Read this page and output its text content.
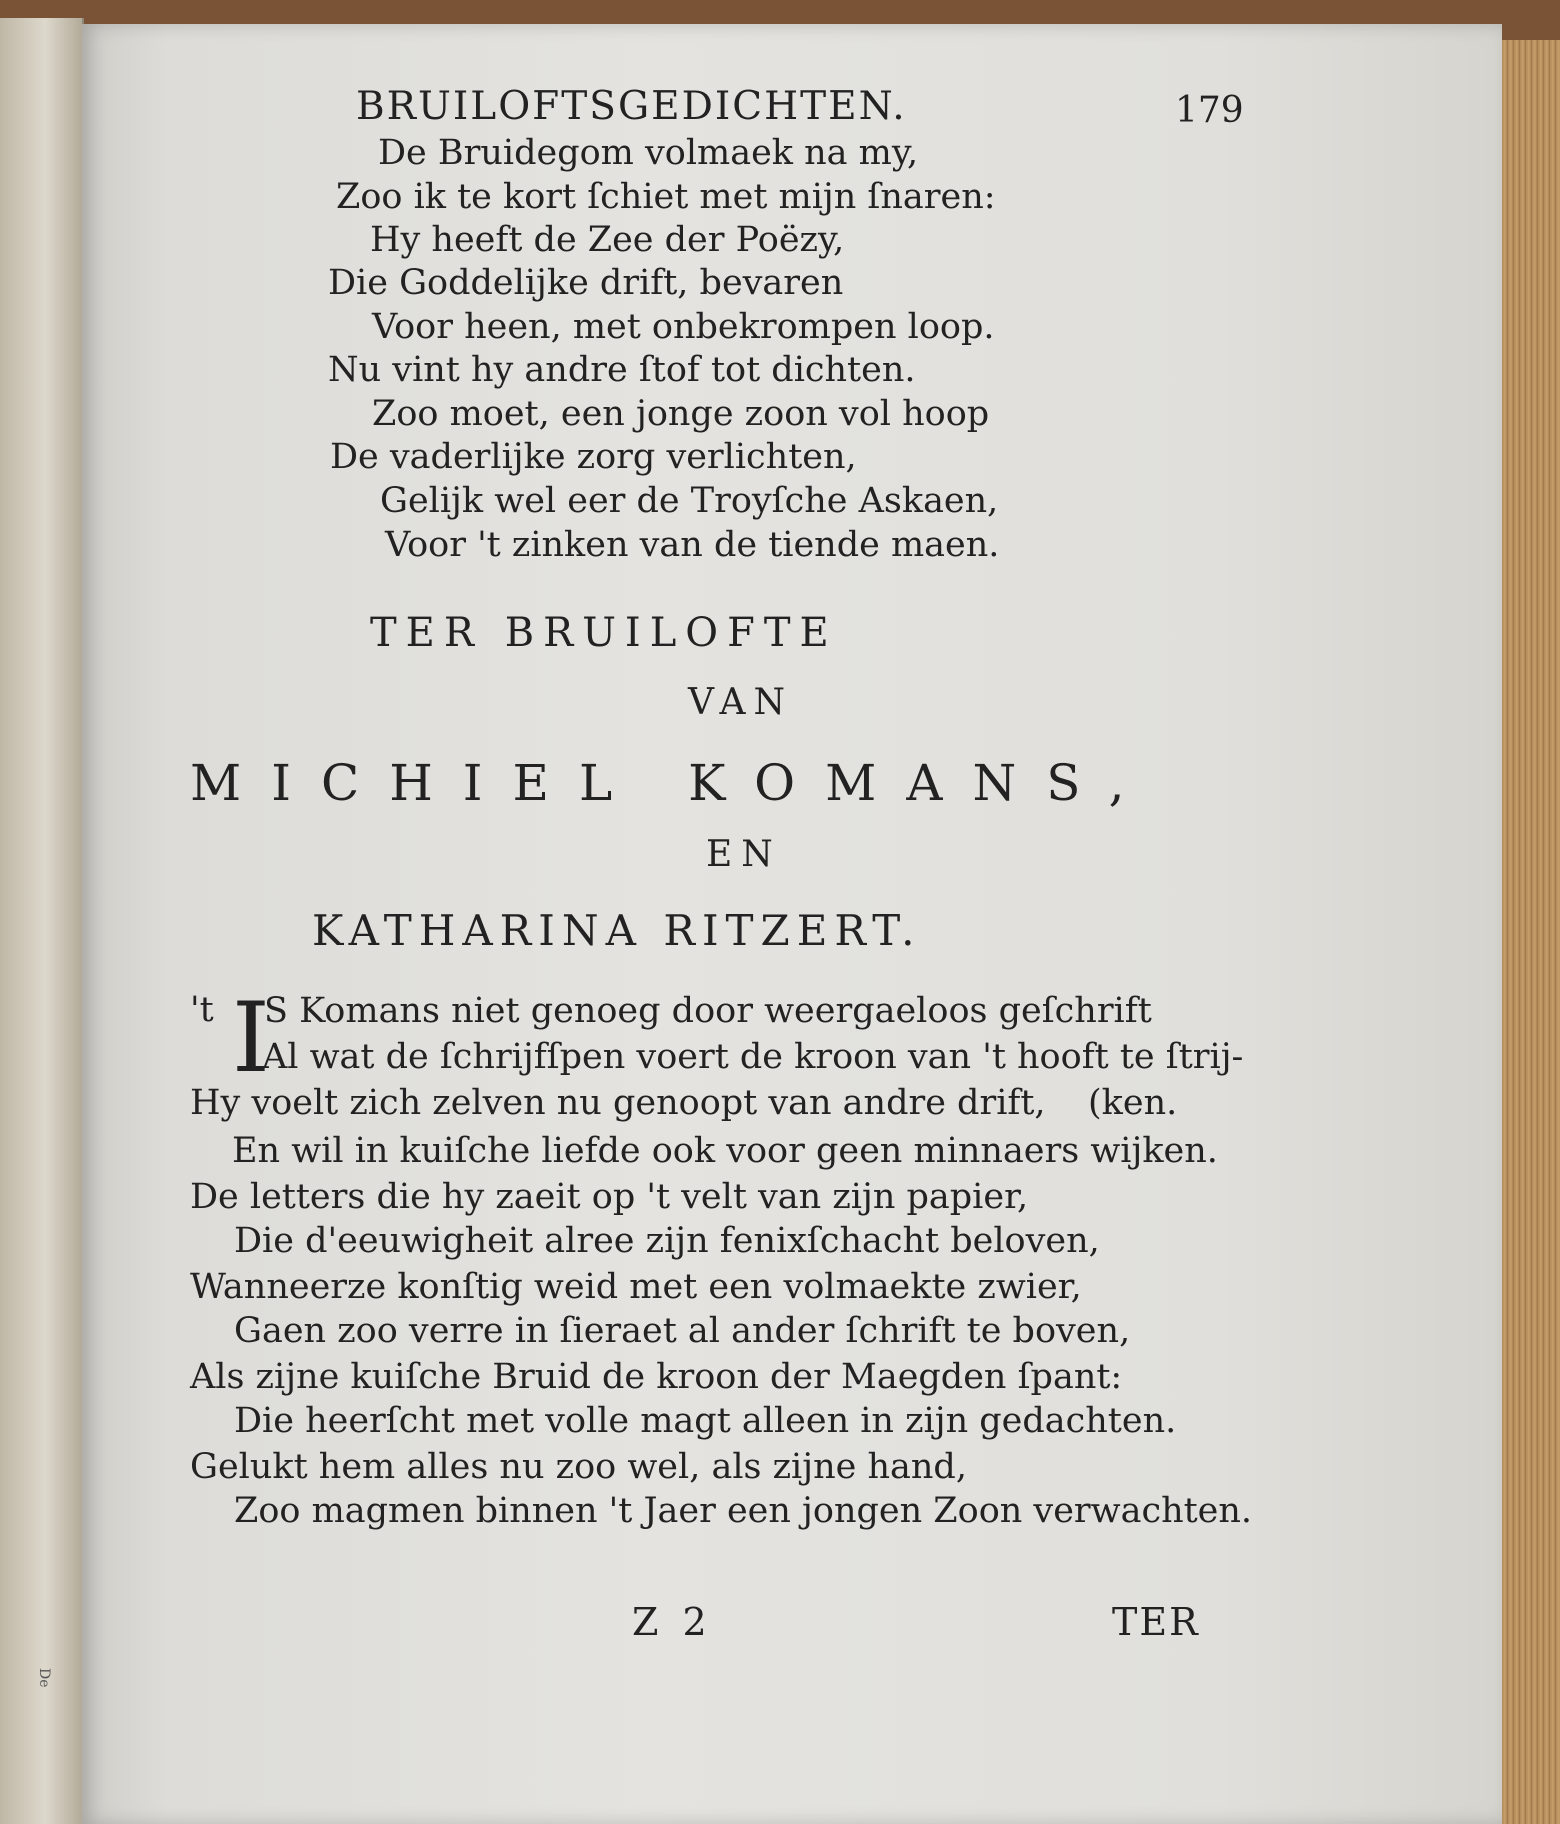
De
BRUILOFTSGEDICHTEN.	179
De Bruidegom volmaek na my,
Zoo ik te kort ſchiet met mijn ſnaren:
Hy heeft de Zee der Poëzy,
Die Goddelijke drift, bevaren
Voor heen, met onbekrompen loop.
Nu vint hy andre ſtof tot dichten.
Zoo moet, een jonge zoon vol hoop
De vaderlijke zorg verlichten,
Gelijk wel eer de Troyſche Askaen,
Voor 't zinken van de tiende maen.
TER BRUILOFTE
VAN
MICHIEL KOMANS,
EN
KATHARINA RITZERT.
't I
S Komans niet genoeg door weergaeloos geſchrift
Al wat de ſchrijfſpen voert de kroon van 't hooft te ſtrij-
Hy voelt zich zelven nu genoopt van andre drift, (ken.
En wil in kuiſche liefde ook voor geen minnaers wijken.
De letters die hy zaeit op 't velt van zijn papier,
Die d'eeuwigheit alree zijn fenixſchacht beloven,
Wanneerze konſtig weid met een volmaekte zwier,
Gaen zoo verre in ſieraet al ander ſchrift te boven,
Als zijne kuiſche Bruid de kroon der Maegden ſpant:
Die heerſcht met volle magt alleen in zijn gedachten.
Gelukt hem alles nu zoo wel, als zijne hand,
Zoo magmen binnen 't Jaer een jongen Zoon verwachten.
Z 2	TER
